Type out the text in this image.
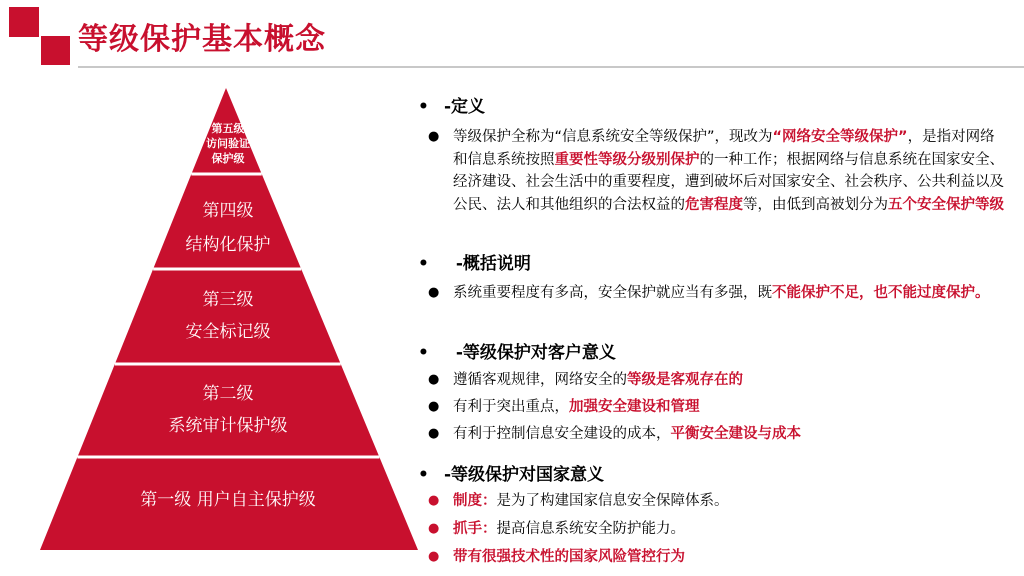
等级保护基本概念
第五级
访问验证
保护级
第四级
结构化保护
第三级
安全标记级
第二级
系统审计保护级
第一级 用户自主保护级
• -定义
● 等级保护全称为“信息系统安全等级保护”，现改为“网络安全等级保护”，是指对网络和信息系统按照重要性等级分级别保护的一种工作；根据网络与信息系统在国家安全、经济建设、社会生活中的重要程度，遭到破坏后对国家安全、社会秩序、公共利益以及公民、法人和其他组织的合法权益的危害程度等，由低到高被划分为五个安全保护等级
•  -概括说明
● 系统重要程度有多高，安全保护就应当有多强，既不能保护不足，也不能过度保护。
•  -等级保护对客户意义
● 遵循客观规律，网络安全的等级是客观存在的
● 有利于突出重点，加强安全建设和管理
● 有利于控制信息安全建设的成本，平衡安全建设与成本
• -等级保护对国家意义
● 制度：是为了构建国家信息安全保障体系。
● 抓手：提高信息系统安全防护能力。
● 带有很强技术性的国家风险管控行为
